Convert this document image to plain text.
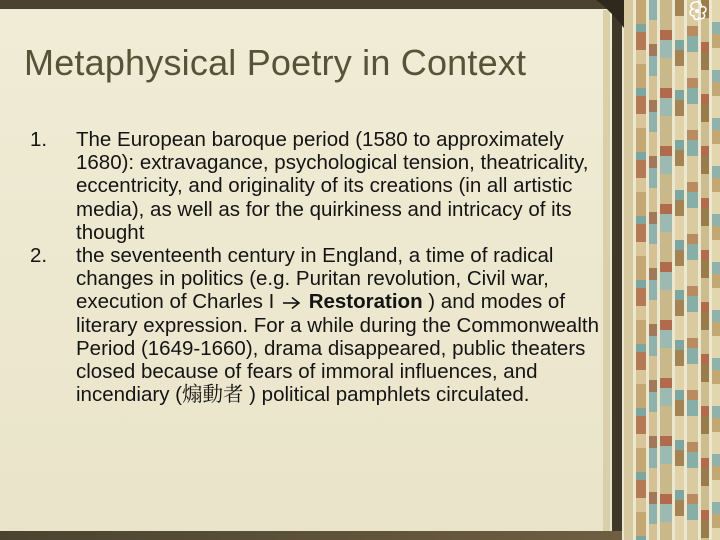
Metaphysical Poetry in Context
1. The European baroque period (1580 to approximately 1680): extravagance, psychological tension, theatricality, eccentricity, and originality of its creations (in all artistic media), as well as for the quirkiness and intricacy of its thought
2. the seventeenth century in England, a time of radical changes in politics (e.g. Puritan revolution, Civil war, execution of Charles I Restoration ) and modes of literary expression. For a while during the Commonwealth Period (1649-1660), drama disappeared, public theaters closed because of fears of immoral influences, and incendiary (煽動者 ) political pamphlets circulated.
